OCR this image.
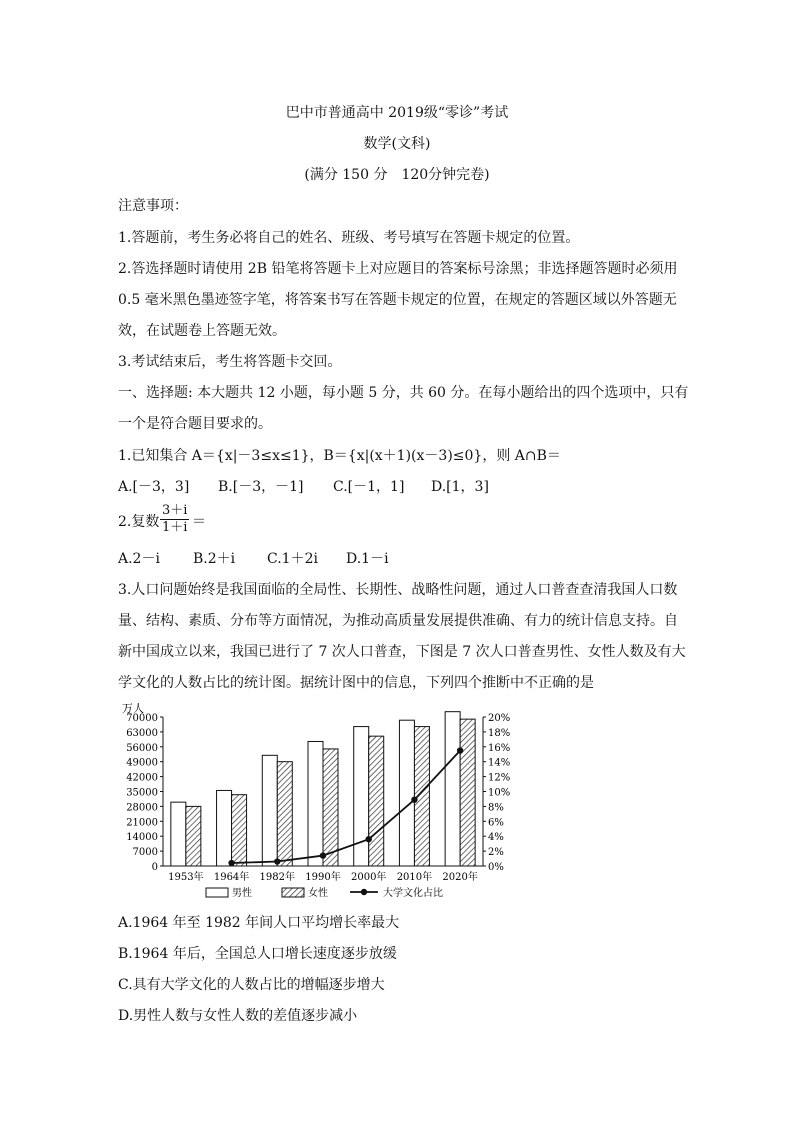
巴中市普通高中 2019级“零诊”考试
数学(文科)
(满分 150 分　120分钟完卷)
注意事项：
1.答题前，考生务必将自己的姓名、班级、考号填写在答题卡规定的位置。
2.答选择题时请使用 2B 铅笔将答题卡上对应题目的答案标号涂黑；非选择题答题时必须用
0.5 毫米黑色墨迹签字笔，将答案书写在答题卡规定的位置，在规定的答题区域以外答题无
效，在试题卷上答题无效。
3.考试结束后，考生将答题卡交回。
一、选择题: 本大题共 12 小题，每小题 5 分，共 60 分。在每小题给出的四个选项中，只有
一个是符合题目要求的。
1.已知集合 A＝{x|－3≤x≤1}，B＝{x|(x＋1)(x－3)≤0}，则 A∩B＝
A.[－3，3] B.[－3，－1] C.[－1，1] D.[1，3]
2.复数 $\frac{3+i}{1+i}$ ＝
A.2－i B.2＋i C.1＋2i D.1－i
3.人口问题始终是我国面临的全局性、长期性、战略性问题，通过人口普查查清我国人口数
量、结构、素质、分布等方面情况，为推动高质量发展提供准确、有力的统计信息支持。自
新中国成立以来，我国已进行了 7 次人口普查，下图是 7 次人口普查男性、女性人数及有大
学文化的人数占比的统计图。据统计图中的信息，下列四个推断中不正确的是
万人
0
7000
14000
21000
28000
35000
42000
49000
56000
63000
70000
0%
2%
4%
6%
8%
10%
12%
14%
16%
18%
20%
1953年 1964年 1982年 1990年 2000年 2010年 2020年
男性	女性	大学文化占比
A.1964 年至 1982 年间人口平均增长率最大
B.1964 年后，全国总人口增长速度逐步放缓
C.具有大学文化的人数占比的增幅逐步增大
D.男性人数与女性人数的差值逐步减小
